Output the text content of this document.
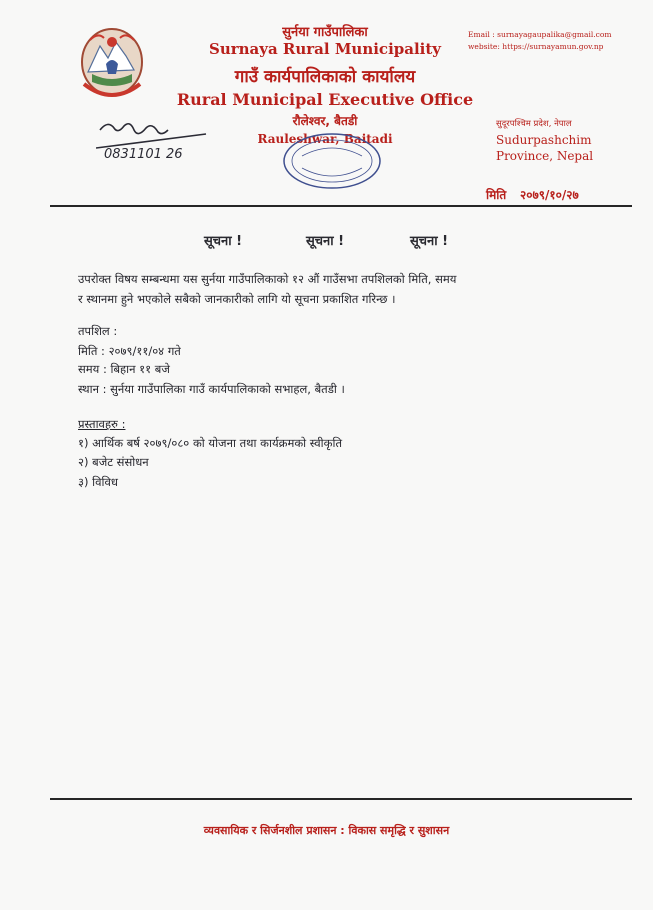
सुर्नया गाउँपालिका
Surnaya Rural Municipality
गाउँ कार्यपालिकाको कार्यालय
Rural Municipal Executive Office
रौलेश्वर, बैतडी
Rauleshwar, Baitadi
Email : surnayagaupalika@gmail.com
website: https://surnayamun.gov.np
0831101 26
सुदूरपश्चिम प्रदेश, नेपाल
Sudurpashchim
Province, Nepal
मिति २०७९/१०/२७
सूचना !	सूचना !	सूचना !
उपरोक्त विषय सम्बन्धमा यस सुर्नया गाउँपालिकाको १२ औं गाउँसभा तपशिलको मिति, समय
र स्थानमा हुने भएकोले सबैको जानकारीको लागि यो सूचना प्रकाशित गरिन्छ ।
तपशिल :
मिति : २०७९/११/०४ गते
समय : बिहान ११ बजे
स्थान : सुर्नया गाउँपालिका गाउँ कार्यपालिकाको सभाहल, बैतडी ।
प्रस्तावहरु :
१) आर्थिक बर्ष २०७९/०८० को योजना तथा कार्यक्रमको स्वीकृति
२) बजेट संसोधन
३) विविध
व्यवसायिक र सिर्जनशील प्रशासन : विकास समृद्धि र सुशासन
